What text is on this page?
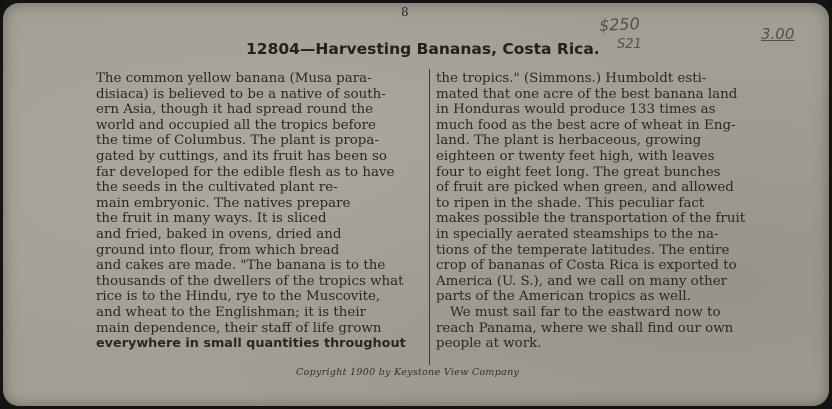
8
12804—Harvesting Bananas, Costa Rica.
$250
S21
3.00
The common yellow banana (Musa para-
disiaca) is believed to be a native of south-
ern Asia, though it had spread round the
world and occupied all the tropics before
the time of Columbus. The plant is propa-
gated by cuttings, and its fruit has been so
far developed for the edible flesh as to have
the seeds in the cultivated plant re-
main embryonic. The natives prepare
the fruit in many ways. It is sliced
and fried, baked in ovens, dried and
ground into flour, from which bread
and cakes are made. "The banana is to the
thousands of the dwellers of the tropics what
rice is to the Hindu, rye to the Muscovite,
and wheat to the Englishman; it is their
main dependence, their staff of life grown
everywhere in small quantities throughout
the tropics." (Simmons.) Humboldt esti-
mated that one acre of the best banana land
in Honduras would produce 133 times as
much food as the best acre of wheat in Eng-
land. The plant is herbaceous, growing
eighteen or twenty feet high, with leaves
four to eight feet long. The great bunches
of fruit are picked when green, and allowed
to ripen in the shade. This peculiar fact
makes possible the transportation of the fruit
in specially aerated steamships to the na-
tions of the temperate latitudes. The entire
crop of bananas of Costa Rica is exported to
America (U. S.), and we call on many other
parts of the American tropics as well.
We must sail far to the eastward now to
reach Panama, where we shall find our own
people at work.
Copyright 1900 by Keystone View Company
